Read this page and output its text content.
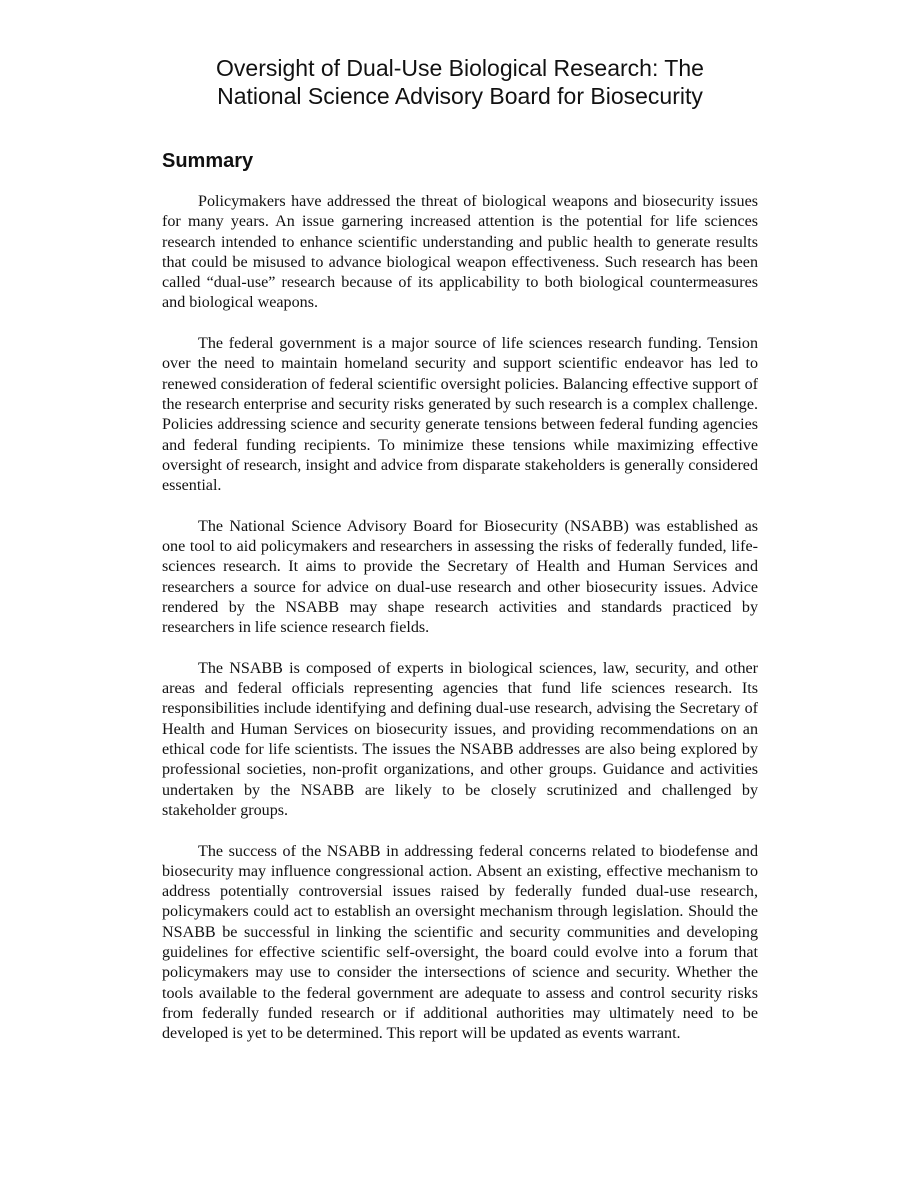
Oversight of Dual-Use Biological Research: The
National Science Advisory Board for Biosecurity
Summary

Policymakers have addressed the threat of biological weapons and biosecurity issues for many years. An issue garnering increased attention is the potential for life sciences research intended to enhance scientific understanding and public health to generate results that could be misused to advance biological weapon effectiveness. Such research has been called “dual-use” research because of its applicability to both biological countermeasures and biological weapons.

The federal government is a major source of life sciences research funding. Tension over the need to maintain homeland security and support scientific endeavor has led to renewed consideration of federal scientific oversight policies. Balancing effective support of the research enterprise and security risks generated by such research is a complex challenge. Policies addressing science and security generate tensions between federal funding agencies and federal funding recipients. To minimize these tensions while maximizing effective oversight of research, insight and advice from disparate stakeholders is generally considered essential.

The National Science Advisory Board for Biosecurity (NSABB) was established as one tool to aid policymakers and researchers in assessing the risks of federally funded, life-sciences research. It aims to provide the Secretary of Health and Human Services and researchers a source for advice on dual-use research and other biosecurity issues. Advice rendered by the NSABB may shape research activities and standards practiced by researchers in life science research fields.

The NSABB is composed of experts in biological sciences, law, security, and other areas and federal officials representing agencies that fund life sciences research. Its responsibilities include identifying and defining dual-use research, advising the Secretary of Health and Human Services on biosecurity issues, and providing recommendations on an ethical code for life scientists. The issues the NSABB addresses are also being explored by professional societies, non-profit organizations, and other groups. Guidance and activities undertaken by the NSABB are likely to be closely scrutinized and challenged by stakeholder groups.

The success of the NSABB in addressing federal concerns related to biodefense and biosecurity may influence congressional action. Absent an existing, effective mechanism to address potentially controversial issues raised by federally funded dual-use research, policymakers could act to establish an oversight mechanism through legislation. Should the NSABB be successful in linking the scientific and security communities and developing guidelines for effective scientific self-oversight, the board could evolve into a forum that policymakers may use to consider the intersections of science and security. Whether the tools available to the federal government are adequate to assess and control security risks from federally funded research or if additional authorities may ultimately need to be developed is yet to be determined. This report will be updated as events warrant.
